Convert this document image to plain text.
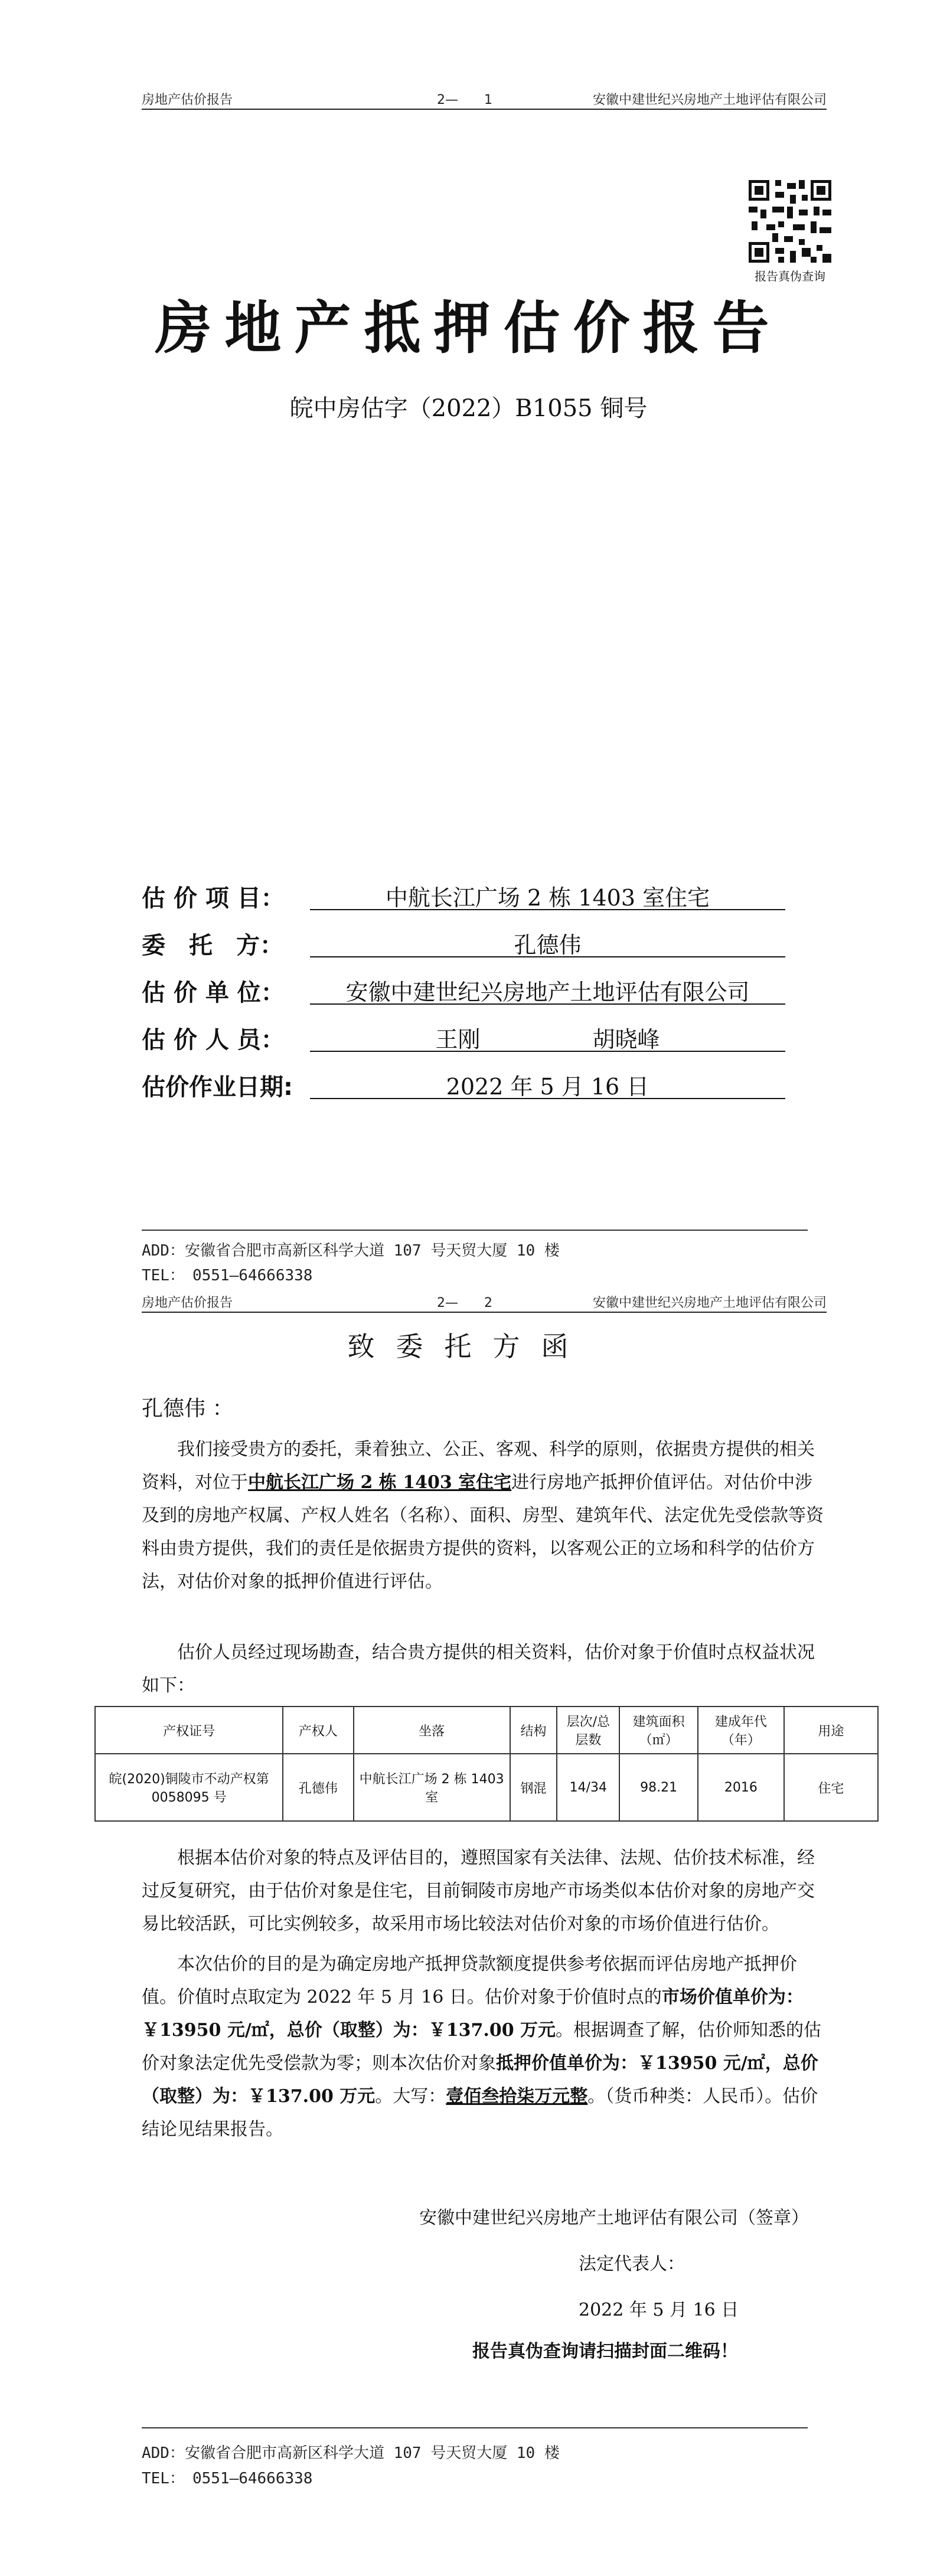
房地产估价报告	2—　　1	安徽中建世纪兴房地产土地评估有限公司
报告真伪查询
房地产抵押估价报告
皖中房估字（2022）B1055 铜号
估 价 项 目：	中航长江广场 2 栋 1403 室住宅
委　托　方：	孔德伟
估 价 单 位：	安徽中建世纪兴房地产土地评估有限公司
估 价 人 员：	王刚　　　　　胡晓峰
估价作业日期:	2022 年 5 月 16 日
ADD：安徽省合肥市高新区科学大道 107 号天贸大厦 10 楼
TEL：　0551—64666338
房地产估价报告	2—　　2	安徽中建世纪兴房地产土地评估有限公司
致委托方函
孔德伟 ：
我们接受贵方的委托，秉着独立、公正、客观、科学的原则，依据贵方提供的相关资料，对位于中航长江广场 2 栋 1403 室住宅进行房地产抵押价值评估。对估价中涉及到的房地产权属、产权人姓名（名称）、面积、房型、建筑年代、法定优先受偿款等资料由贵方提供，我们的责任是依据贵方提供的资料，以客观公正的立场和科学的估价方法，对估价对象的抵押价值进行评估。
估价人员经过现场勘查，结合贵方提供的相关资料，估价对象于价值时点权益状况如下：
产权证号	产权人	坐落	结构	层次/总层数	建筑面积（㎡）	建成年代（年）	用途
皖(2020)铜陵市不动产权第 0058095 号	孔德伟	中航长江广场 2 栋 1403 室	钢混	14/34	98.21	2016	住宅
根据本估价对象的特点及评估目的，遵照国家有关法律、法规、估价技术标准，经过反复研究，由于估价对象是住宅，目前铜陵市房地产市场类似本估价对象的房地产交易比较活跃，可比实例较多，故采用市场比较法对估价对象的市场价值进行估价。
本次估价的目的是为确定房地产抵押贷款额度提供参考依据而评估房地产抵押价值。价值时点取定为 2022 年 5 月 16 日。估价对象于价值时点的市场价值单价为：￥13950 元/㎡，总价（取整）为：￥137.00 万元。根据调查了解，估价师知悉的估价对象法定优先受偿款为零；则本次估价对象抵押价值单价为：￥13950 元/㎡，总价（取整）为：￥137.00 万元。大写：壹佰叁拾柒万元整。（货币种类：人民币）。估价结论见结果报告。
安徽中建世纪兴房地产土地评估有限公司（签章）
法定代表人：
2022 年 5 月 16 日
报告真伪查询请扫描封面二维码！
ADD：安徽省合肥市高新区科学大道 107 号天贸大厦 10 楼
TEL：　0551—64666338
